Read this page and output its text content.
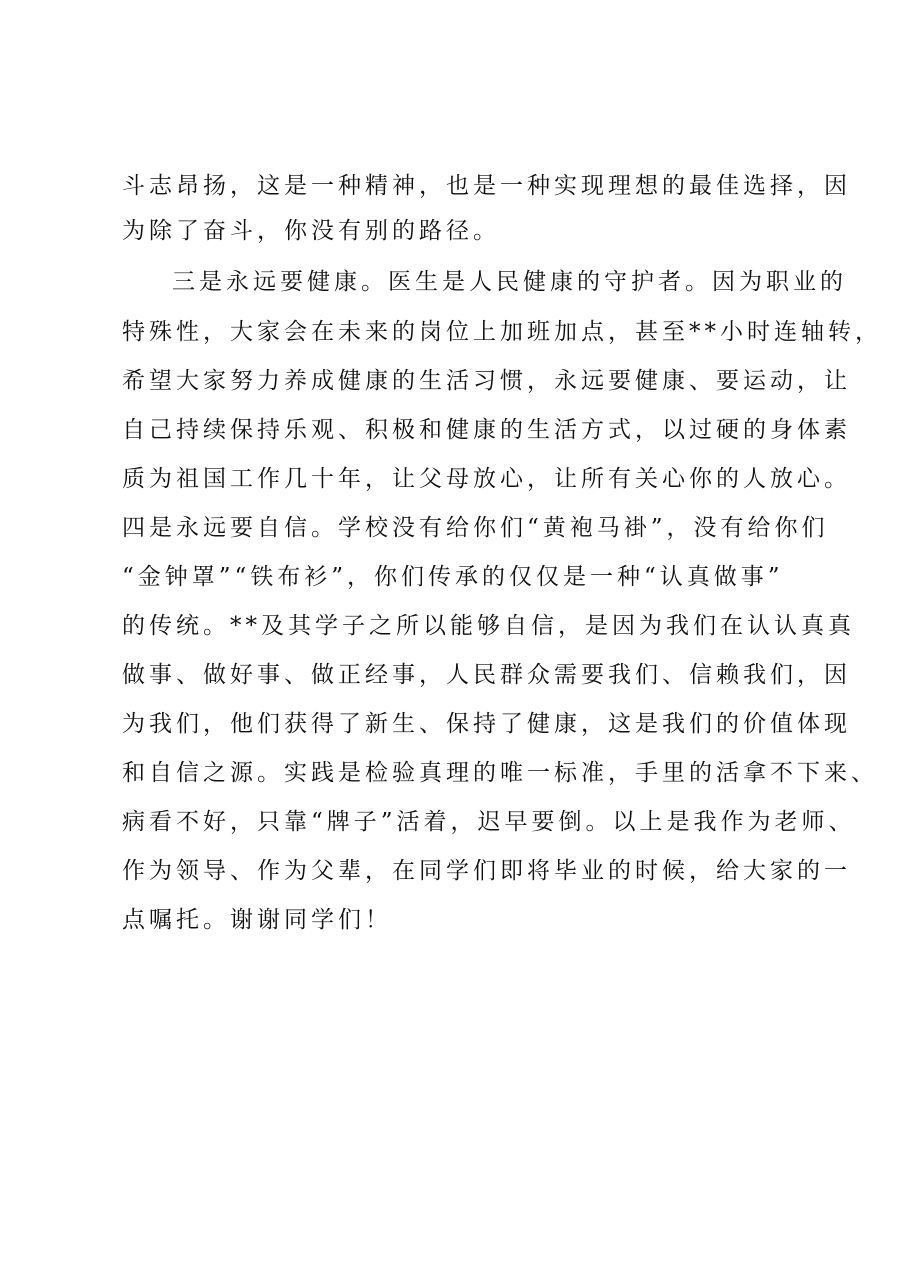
斗志昂扬，这是一种精神，也是一种实现理想的最佳选择，因
为除了奋斗，你没有别的路径。
三是永远要健康。医生是人民健康的守护者。因为职业的
特殊性，大家会在未来的岗位上加班加点，甚至**小时连轴转，
希望大家努力养成健康的生活习惯，永远要健康、要运动，让
自己持续保持乐观、积极和健康的生活方式，以过硬的身体素
质为祖国工作几十年，让父母放心，让所有关心你的人放心。
四是永远要自信。学校没有给你们“黄袍马褂”，没有给你们
“金钟罩”“铁布衫”，你们传承的仅仅是一种“认真做事”
的传统。**及其学子之所以能够自信，是因为我们在认认真真
做事、做好事、做正经事，人民群众需要我们、信赖我们，因
为我们，他们获得了新生、保持了健康，这是我们的价值体现
和自信之源。实践是检验真理的唯一标准，手里的活拿不下来、
病看不好，只靠“牌子”活着，迟早要倒。以上是我作为老师、
作为领导、作为父辈，在同学们即将毕业的时候，给大家的一
点嘱托。谢谢同学们！
